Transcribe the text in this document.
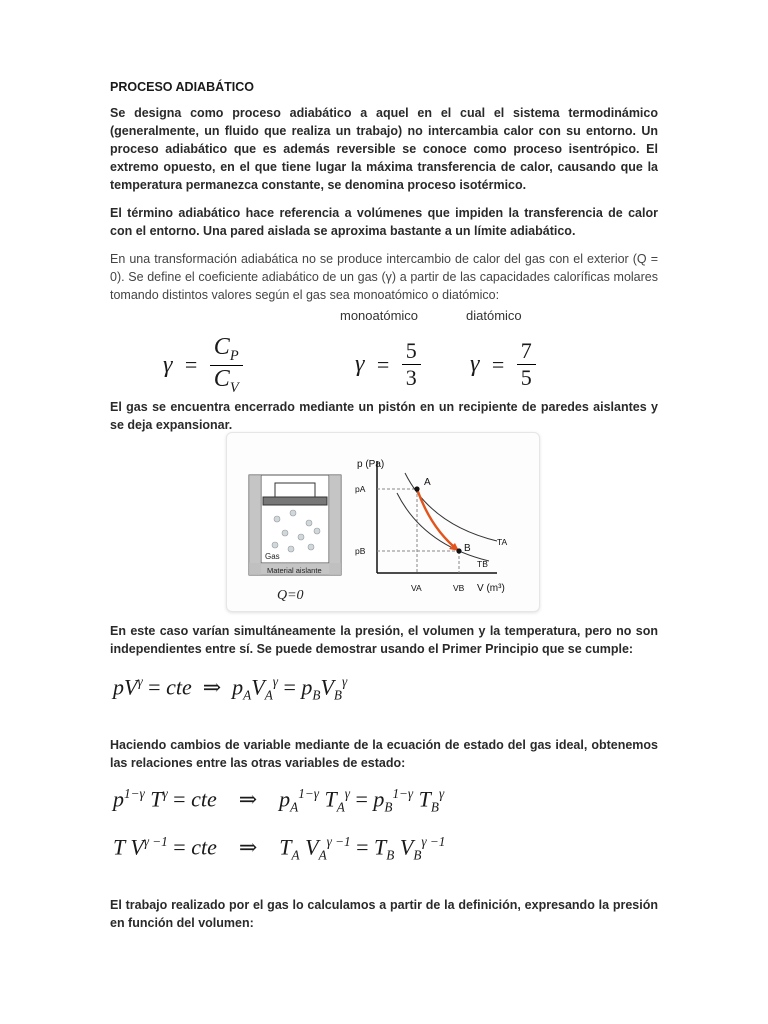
PROCESO ADIABÁTICO

Se designa como proceso adiabático a aquel en el cual el sistema termodinámico (generalmente, un fluido que realiza un trabajo) no intercambia calor con su entorno. Un proceso adiabático que es además reversible se conoce como proceso isentrópico. El extremo opuesto, en el que tiene lugar la máxima transferencia de calor, causando que la temperatura permanezca constante, se denomina proceso isotérmico.

El término adiabático hace referencia a volúmenes que impiden la transferencia de calor con el entorno. Una pared aislada se aproxima bastante a un límite adiabático.

En una transformación adiabática no se produce intercambio de calor del gas con el exterior (Q = 0). Se define el coeficiente adiabático de un gas (γ) a partir de las capacidades caloríficas molares tomando distintos valores según el gas sea monoatómico o diatómico:

monoatómico	diatómico
$\gamma = \frac{C_P}{C_V}$	$\gamma = \frac{5}{3}$ $\gamma = \frac{7}{5}$

El gas se encuentra encerrado mediante un pistón en un recipiente de paredes aislantes y se deja expansionar.

Gas
Material aislante
Q=0
p (Pa)
V (m³)
A
B
pA
pB
VA	VB
TA
TB

En este caso varían simultáneamente la presión, el volumen y la temperatura, pero no son independientes entre sí. Se puede demostrar usando el Primer Principio que se cumple:

$pV^\gamma$ = cte  ⇒  $p_AV_A^\gamma = p_BV_B^\gamma$

Haciendo cambios de variable mediante de la ecuación de estado del gas ideal, obtenemos las relaciones entre las otras variables de estado:

$p^{1-\gamma}$ $T^\gamma$ = cte    ⇒    $p_A^{1-\gamma}$ $T_A^\gamma = p_B^{1-\gamma}$ $T_B^\gamma$
T $V^{\gamma -1}$ = cte    ⇒    $T_A$ $V_A^{\gamma -1} = T_B$ $V_B^{\gamma -1}$

El trabajo realizado por el gas lo calculamos a partir de la definición, expresando la presión en función del volumen:
